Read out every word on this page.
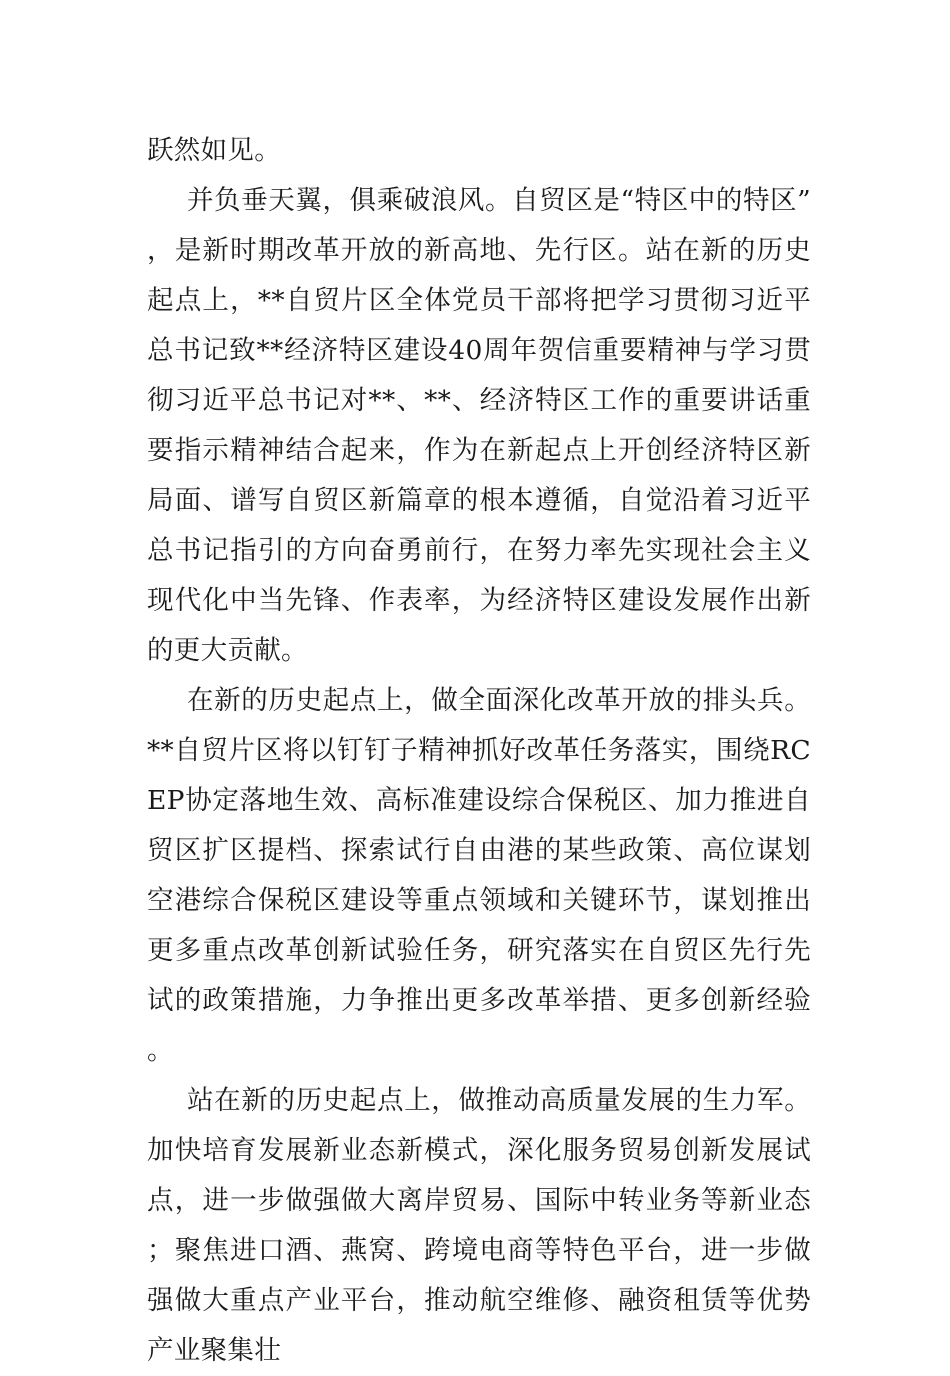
跃然如见。

并负垂天翼，俱乘破浪风。自贸区是“特区中的特区”，是新时期改革开放的新高地、先行区。站在新的历史起点上，**自贸片区全体党员干部将把学习贯彻习近平总书记致**经济特区建设40周年贺信重要精神与学习贯彻习近平总书记对**、**、经济特区工作的重要讲话重要指示精神结合起来，作为在新起点上开创经济特区新局面、谱写自贸区新篇章的根本遵循，自觉沿着习近平总书记指引的方向奋勇前行，在努力率先实现社会主义现代化中当先锋、作表率，为经济特区建设发展作出新的更大贡献。

在新的历史起点上，做全面深化改革开放的排头兵。**自贸片区将以钉钉子精神抓好改革任务落实，围绕RCEP协定落地生效、高标准建设综合保税区、加力推进自贸区扩区提档、探索试行自由港的某些政策、高位谋划空港综合保税区建设等重点领域和关键环节，谋划推出更多重点改革创新试验任务，研究落实在自贸区先行先试的政策措施，力争推出更多改革举措、更多创新经验。

站在新的历史起点上，做推动高质量发展的生力军。加快培育发展新业态新模式，深化服务贸易创新发展试点，进一步做强做大离岸贸易、国际中转业务等新业态；聚焦进口酒、燕窝、跨境电商等特色平台，进一步做强做大重点产业平台，推动航空维修、融资租赁等优势产业聚集壮
